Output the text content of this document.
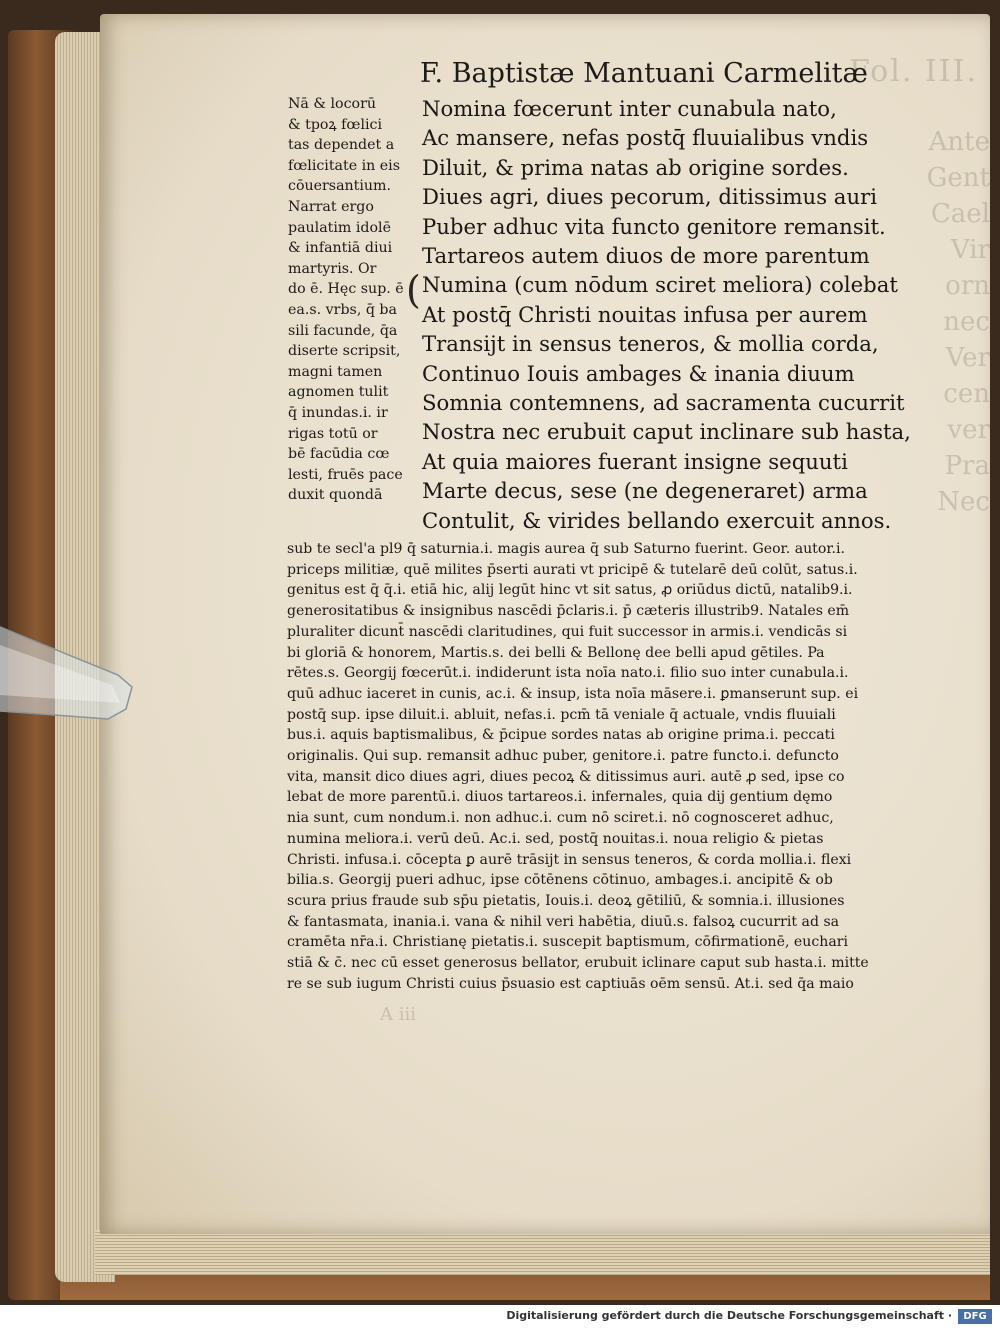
Fol. III.
Ante
Gent
Cael
Vir
orn
nec
Ver
cen
ver
Pra
Nec
A iii
F. Baptistæ Mantuani Carmelitæ
Nā & locorū
& tpoꝝ fœlici
tas dependet a
fœlicitate in eis
cōuersantium.
Narrat ergo
paulatim idolē
& infantiā diui
martyris. Or
do ē. Hęc sup. ē
ea.s. vrbs, q̄ ba
sili facunde, q̄a
diserte scripsit,
magni tamen
agnomen tulit
q̄ inundas.i. ir
rigas totū or
bē facūdia cœ
lesti, fruēs pace
duxit quondā
(
Nomina fœcerunt inter cunabula nato,
Ac mansere, nefas postq̄ fluuialibus vndis
Diluit, & prima natas ab origine sordes.
Diues agri, diues pecorum, ditissimus auri
Puber adhuc vita functo genitore remansit.
Tartareos autem diuos de more parentum
Numina (cum nōdum sciret meliora) colebat
At postq̄ Christi nouitas infusa per aurem
Transijt in sensus teneros, & mollia corda,
Continuo Iouis ambages & inania diuum
Somnia contemnens, ad sacramenta cucurrit
Nostra nec erubuit caput inclinare sub hasta,
At quia maiores fuerant insigne sequuti
Marte decus, sese (ne degeneraret) arma
Contulit, & virides bellando exercuit annos.
sub te secl'a pl9 q̄ saturnia.i. magis aurea q̄ sub Saturno fuerint. Geor. autor.i.
priceps militiæ, quē milites p̄serti aurati vt pricipē & tutelarē deū colūt, satus.i.
genitus est q̄ q̄.i. etiā hic, alij legūt hinc vt sit satus, ꝓ oriūdus dictū, natalib9.i.
generositatibus & insignibus nascēdi p̄claris.i. p̄ cæteris illustrib9. Natales em̄
pluraliter dicunt̄ nascēdi claritudines, qui fuit successor in armis.i. vendicās si
bi gloriā & honorem, Martis.s. dei belli & Bellonę dee belli apud gētiles. Pa
rētes.s. Georgij fœcerūt.i. indiderunt ista noīa nato.i. filio suo inter cunabula.i.
quū adhuc iaceret in cunis, ac.i. & insup, ista noīa māsere.i. ꝑmanserunt sup. ei
postq̄ sup. ipse diluit.i. abluit, nefas.i. pcm̄ tā veniale q̄ actuale, vndis fluuiali
bus.i. aquis baptismalibus, & p̄cipue sordes natas ab origine prima.i. peccati
originalis. Qui sup. remansit adhuc puber, genitore.i. patre functo.i. defuncto
vita, mansit dico diues agri, diues pecoꝝ & ditissimus auri. autē ꝓ sed, ipse co
lebat de more parentū.i. diuos tartareos.i. infernales, quia dij gentium dęmo
nia sunt, cum nondum.i. non adhuc.i. cum nō sciret.i. nō cognosceret adhuc,
numina meliora.i. verū deū. Ac.i. sed, postq̄ nouitas.i. noua religio & pietas
Christi. infusa.i. cōcepta ꝑ aurē trāsijt in sensus teneros, & corda mollia.i. flexi
bilia.s. Georgij pueri adhuc, ipse cōtēnens cōtinuo, ambages.i. ancipitē & ob
scura prius fraude sub sp̄u pietatis, Iouis.i. deoꝝ gētiliū, & somnia.i. illusiones
& fantasmata, inania.i. vana & nihil veri habētia, diuū.s. falsoꝝ cucurrit ad sa
cramēta nr̄a.i. Christianę pietatis.i. suscepit baptismum, cōfirmationē, euchari
stiā & c̄. nec cū esset generosus bellator, erubuit iclinare caput sub hasta.i. mitte
re se sub iugum Christi cuius p̄suasio est captiuās oēm sensū. At.i. sed q̄a maio
Digitalisierung gefördert durch die Deutsche Forschungsgemeinschaft ·	DFG
